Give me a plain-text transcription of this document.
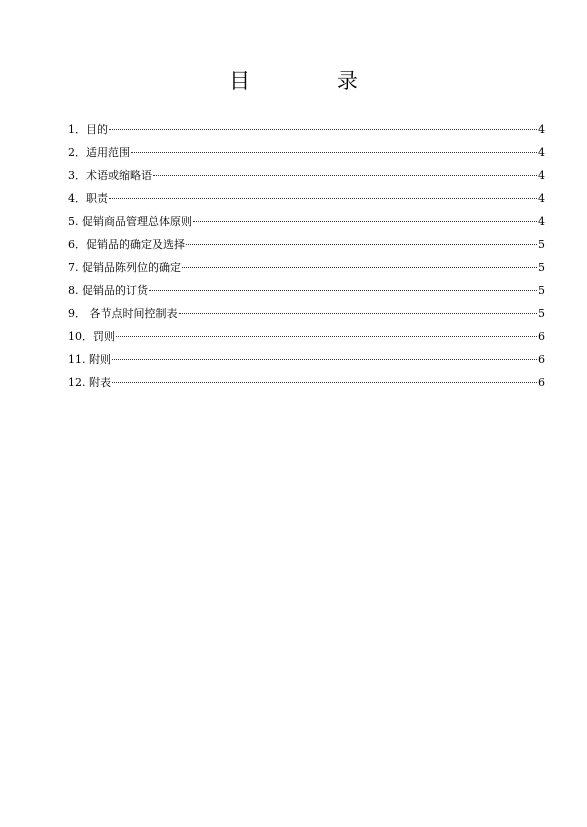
目 录
1．目的	4
2．适用范围	4
3．术语或缩略语	4
4．职责	4
5. 促销商品管理总体原则	4
6．促销品的确定及选择	5
7. 促销品陈列位的确定	5
8. 促销品的订货	5
9． 各节点时间控制表	5
10．罚则	6
11. 附则	6
12. 附表	6
